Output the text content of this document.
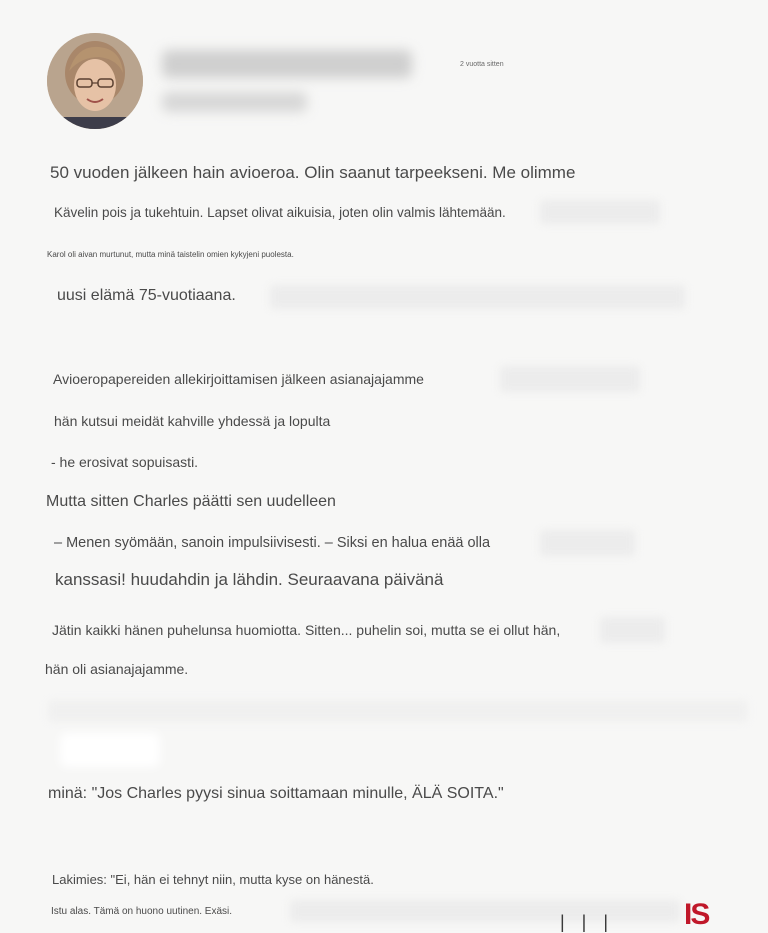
2 vuotta sitten
50 vuoden jälkeen hain avioeroa. Olin saanut tarpeekseni. Me olimme
Kävelin pois ja tukehtuin. Lapset olivat aikuisia, joten olin valmis lähtemään.
Karol oli aivan murtunut, mutta minä taistelin omien kykyjeni puolesta.
uusi elämä 75-vuotiaana.
Avioeropapereiden allekirjoittamisen jälkeen asianajajamme
hän kutsui meidät kahville yhdessä ja lopulta
- he erosivat sopuisasti.
Mutta sitten Charles päätti sen uudelleen
– Menen syömään, sanoin impulsiivisesti. – Siksi en halua enää olla
kanssasi! huudahdin ja lähdin. Seuraavana päivänä
Jätin kaikki hänen puhelunsa huomiotta. Sitten... puhelin soi, mutta se ei ollut hän,
hän oli asianajajamme.
minä: "Jos Charles pyysi sinua soittamaan minulle, ÄLÄ SOITA."
Lakimies: "Ei, hän ei tehnyt niin, mutta kyse on hänestä.
Istu alas. Tämä on huono uutinen. Exäsi.
| | | IS
